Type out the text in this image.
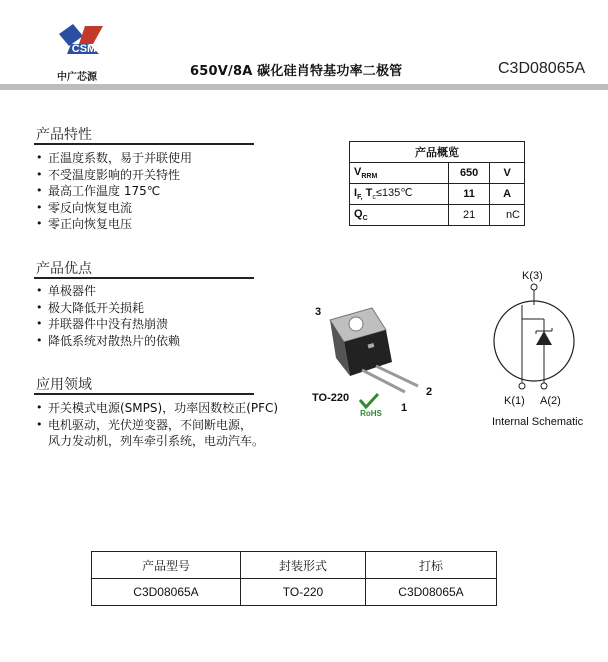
CSM
中广芯源	650V/8A 碳化硅肖特基功率二极管	C3D08065A
产品特性
• 正温度系数，易于并联使用
• 不受温度影响的开关特性
• 最高工作温度 175℃
• 零反向恢复电流
• 零正向恢复电压
产品概览		
$V_{RRM}$	650	V
$I_{F,}$ $T_c\le 135℃$	11	A
$Q_C$	21	nC
产品优点
• 单极器件
• 极大降低开关损耗
• 并联器件中没有热崩溃
• 降低系统对散热片的依赖
应用领域
• 开关模式电源(SMPS)，功率因数校正(PFC)
• 电机驱动，光伏逆变器，不间断电源，
风力发动机，列车牵引系统，电动汽车。
3
2
1
TO-220
RoHS
K(3)
K(1) A(2)
Internal Schematic
产品型号	封装形式	打标
C3D08065A	TO-220	C3D08065A
